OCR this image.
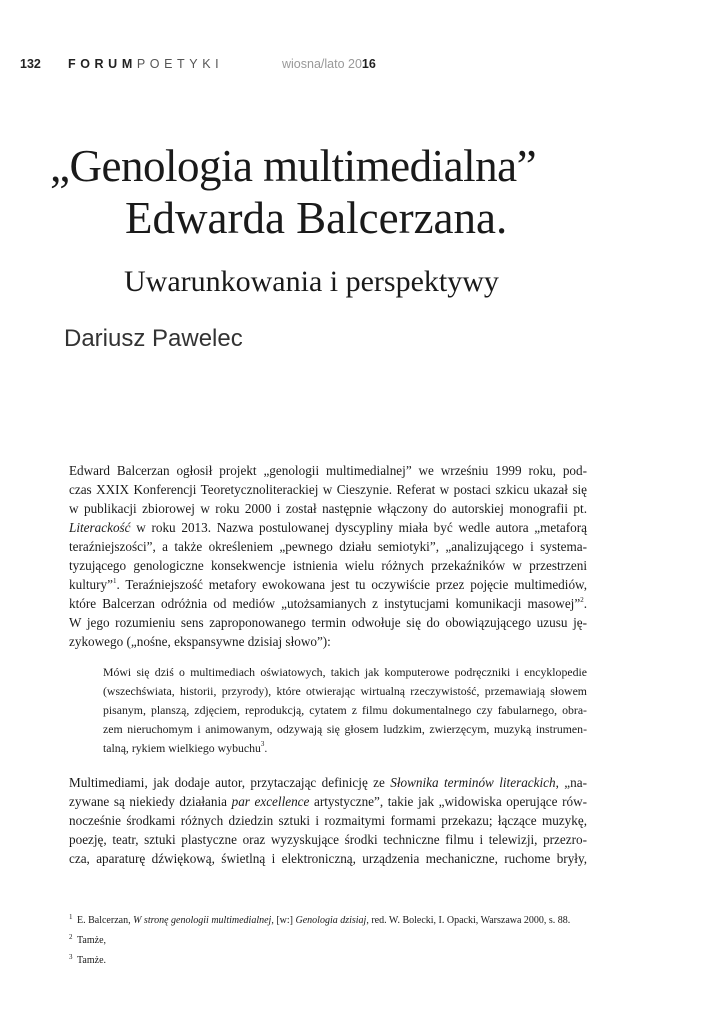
132 FORUMPOETYKI	wiosna/lato 2016
„Genologia multimedialna”
Edwarda Balcerzana.
Uwarunkowania i perspektywy
Dariusz Pawelec
Edward Balcerzan ogłosił projekt „genologii multimedialnej” we wrześniu 1999 roku, pod-
czas XXIX Konferencji Teoretycznoliterackiej w Cieszynie. Referat w postaci szkicu ukazał się
w publikacji zbiorowej w roku 2000 i został następnie włączony do autorskiej monografii pt.
Literackość w roku 2013. Nazwa postulowanej dyscypliny miała być wedle autora „metaforą
teraźniejszości”, a także określeniem „pewnego działu semiotyki”, „analizującego i systema-
tyzującego genologiczne konsekwencje istnienia wielu różnych przekaźników w przestrzeni
kultury”$^1$. Teraźniejszość metafory ewokowana jest tu oczywiście przez pojęcie multimediów,
które Balcerzan odróżnia od mediów „utożsamianych z instytucjami komunikacji masowej”$^2$.
W jego rozumieniu sens zaproponowanego termin odwołuje się do obowiązującego uzusu ję-
zykowego („nośne, ekspansywne dzisiaj słowo”):
Mówi się dziś o multimediach oświatowych, takich jak komputerowe podręczniki i encyklopedie
(wszechświata, historii, przyrody), które otwierając wirtualną rzeczywistość, przemawiają słowem
pisanym, planszą, zdjęciem, reprodukcją, cytatem z filmu dokumentalnego czy fabularnego, obra-
zem nieruchomym i animowanym, odzywają się głosem ludzkim, zwierzęcym, muzyką instrumen-
talną, rykiem wielkiego wybuchu$^3$.
Multimediami, jak dodaje autor, przytaczając definicję ze Słownika terminów literackich, „na-
zywane są niekiedy działania par excellence artystyczne”, takie jak „widowiska operujące rów-
nocześnie środkami różnych dziedzin sztuki i rozmaitymi formami przekazu; łączące muzykę,
poezję, teatr, sztuki plastyczne oraz wyzyskujące środki techniczne filmu i telewizji, przezro-
cza, aparaturę dźwiękową, świetlną i elektroniczną, urządzenia mechaniczne, ruchome bryły,
1 E. Balcerzan, W stronę genologii multimedialnej, [w:] Genologia dzisiaj, red. W. Bolecki, I. Opacki, Warszawa 2000, s. 88.
2 Tamże,
3 Tamże.
